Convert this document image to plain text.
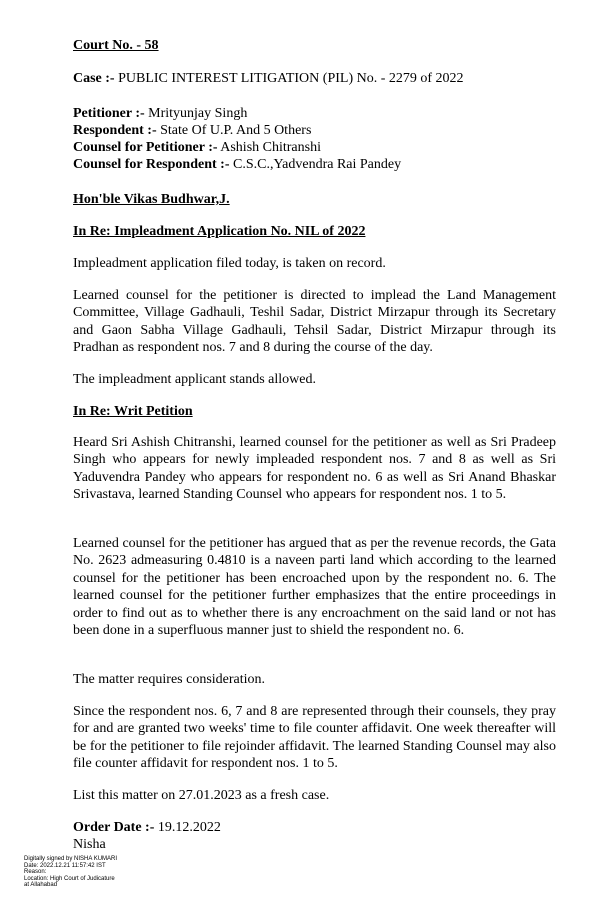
Court No. - 58
Case :- PUBLIC INTEREST LITIGATION (PIL) No. - 2279 of 2022
Petitioner :- Mrityunjay Singh
Respondent :- State Of U.P. And 5 Others
Counsel for Petitioner :- Ashish Chitranshi
Counsel for Respondent :- C.S.C.,Yadvendra Rai Pandey
Hon'ble Vikas Budhwar,J.
In Re: Impleadment Application No. NIL of 2022

Impleadment application filed today, is taken on record.

Learned counsel for the petitioner is directed to implead the Land Management Committee, Village Gadhauli, Teshil Sadar, District Mirzapur through its Secretary and Gaon Sabha Village Gadhauli, Tehsil Sadar, District Mirzapur through its Pradhan as respondent nos. 7 and 8 during the course of the day.

The impleadment applicant stands allowed.

In Re: Writ Petition

Heard Sri Ashish Chitranshi, learned counsel for the petitioner as well as Sri Pradeep Singh who appears for newly impleaded respondent nos. 7 and 8 as well as Sri Yaduvendra Pandey who appears for respondent no. 6 as well as Sri Anand Bhaskar Srivastava, learned Standing Counsel who appears for respondent nos. 1 to 5.

Learned counsel for the petitioner has argued that as per the revenue records, the Gata No. 2623 admeasuring 0.4810 is a naveen parti land which according to the learned counsel for the petitioner has been encroached upon by the respondent no. 6. The learned counsel for the petitioner further emphasizes that the entire proceedings in order to find out as to whether there is any encroachment on the said land or not has been done in a superfluous manner just to shield the respondent no. 6.

The matter requires consideration.

Since the respondent nos. 6, 7 and 8 are represented through their counsels, they pray for and are granted two weeks' time to file counter affidavit. One week thereafter will be for the petitioner to file rejoinder affidavit. The learned Standing Counsel may also file counter affidavit for respondent nos. 1 to 5.

List this matter on 27.01.2023 as a fresh case.

Order Date :- 19.12.2022
Nisha
Digitally signed by NISHA KUMARI
Date: 2022.12.21 11:57:42 IST
Reason:
Location: High Court of Judicature
at Allahabad
